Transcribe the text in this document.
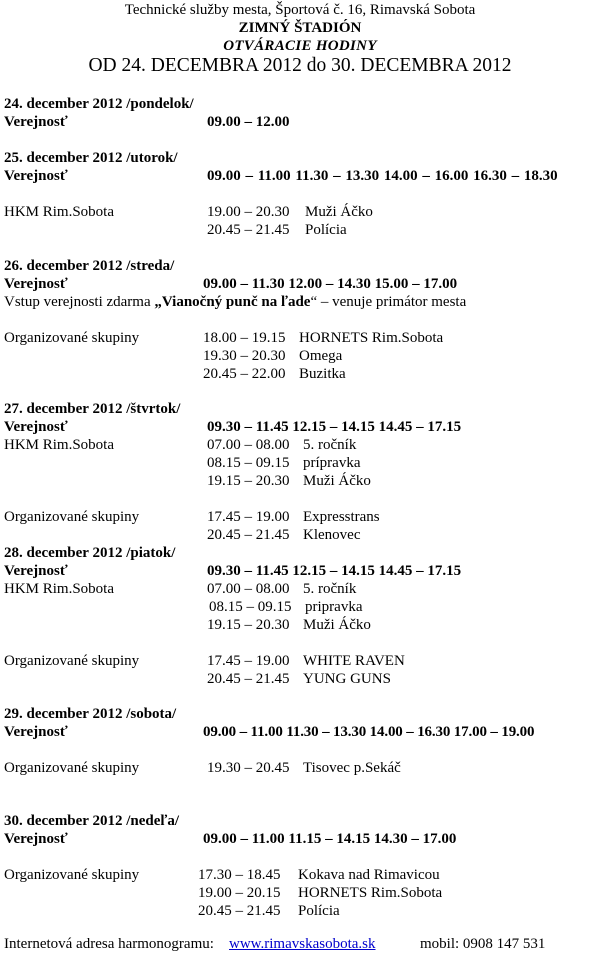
Technické služby mesta, Športová č. 16, Rimavská Sobota
ZIMNÝ ŠTADIÓN
OTVÁRACIE HODINY
OD 24. DECEMBRA 2012 do 30. DECEMBRA 2012
24. december 2012 /pondelok/
Verejnosť	09.00 – 12.00
25. december 2012 /utorok/
Verejnosť	09.00 – 11.00 11.30 – 13.30 14.00 – 16.00 16.30 – 18.30
HKM Rim.Sobota	19.00 – 20.30 Muži Áčko
20.45 – 21.45 Polícia
26. december 2012 /streda/
Verejnosť	09.00 – 11.30 12.00 – 14.30 15.00 – 17.00
Vstup verejnosti zdarma „Vianočný punč na ľade“ – venuje primátor mesta
Organizované skupiny	18.00 – 19.15 HORNETS Rim.Sobota
19.30 – 20.30 Omega
20.45 – 22.00 Buzitka
27. december 2012 /štvrtok/
Verejnosť	09.30 – 11.45 12.15 – 14.15 14.45 – 17.15
HKM Rim.Sobota	07.00 – 08.00 5. ročník
08.15 – 09.15 prípravka
19.15 – 20.30 Muži Áčko
Organizované skupiny	17.45 – 19.00 Expresstrans
20.45 – 21.45 Klenovec
28. december 2012 /piatok/
Verejnosť	09.30 – 11.45 12.15 – 14.15 14.45 – 17.15
HKM Rim.Sobota	07.00 – 08.00 5. ročník
08.15 – 09.15 pripravka
19.15 – 20.30 Muži Áčko
Organizované skupiny	17.45 – 19.00 WHITE RAVEN
20.45 – 21.45 YUNG GUNS
29. december 2012 /sobota/
Verejnosť	09.00 – 11.00 11.30 – 13.30 14.00 – 16.30 17.00 – 19.00
Organizované skupiny	19.30 – 20.45 Tisovec p.Sekáč
30. december 2012 /nedeľa/
Verejnosť	09.00 – 11.00 11.15 – 14.15 14.30 – 17.00
Organizované skupiny	17.30 – 18.45 Kokava nad Rimavicou
19.00 – 20.15 HORNETS Rim.Sobota
20.45 – 21.45 Polícia
Internetová adresa harmonogramu: www.rimavskasobota.sk	mobil: 0908 147 531
